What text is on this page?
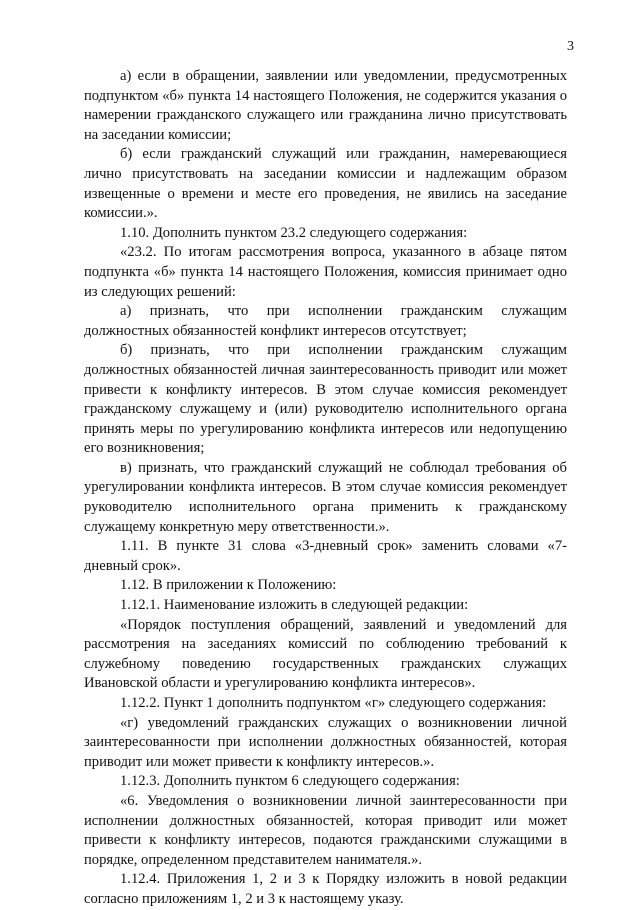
3

а) если в обращении, заявлении или уведомлении, предусмотренных подпунктом «б» пункта 14 настоящего Положения, не содержится указания о намерении гражданского служащего или гражданина лично присутствовать на заседании комиссии;

б) если гражданский служащий или гражданин, намеревающиеся лично присутствовать на заседании комиссии и надлежащим образом извещенные о времени и месте его проведения, не явились на заседание комиссии.».

1.10. Дополнить пунктом 23.2 следующего содержания:

«23.2. По итогам рассмотрения вопроса, указанного в абзаце пятом подпункта «б» пункта 14 настоящего Положения, комиссия принимает одно из следующих решений:

а) признать, что при исполнении гражданским служащим должностных обязанностей конфликт интересов отсутствует;

б) признать, что при исполнении гражданским служащим должностных обязанностей личная заинтересованность приводит или может привести к конфликту интересов. В этом случае комиссия рекомендует гражданскому служащему и (или) руководителю исполнительного органа принять меры по урегулированию конфликта интересов или недопущению его возникновения;

в) признать, что гражданский служащий не соблюдал требования об урегулировании конфликта интересов. В этом случае комиссия рекомендует руководителю исполнительного органа применить к гражданскому служащему конкретную меру ответственности.».

1.11. В пункте 31 слова «3-дневный срок» заменить словами «7-дневный срок».

1.12. В приложении к Положению:

1.12.1. Наименование изложить в следующей редакции:

«Порядок поступления обращений, заявлений и уведомлений для рассмотрения на заседаниях комиссий по соблюдению требований к служебному поведению государственных гражданских служащих Ивановской области и урегулированию конфликта интересов».

1.12.2. Пункт 1 дополнить подпунктом «г» следующего содержания:

«г) уведомлений гражданских служащих о возникновении личной заинтересованности при исполнении должностных обязанностей, которая приводит или может привести к конфликту интересов.».

1.12.3. Дополнить пунктом 6 следующего содержания:

«6. Уведомления о возникновении личной заинтересованности при исполнении должностных обязанностей, которая приводит или может привести к конфликту интересов, подаются гражданскими служащими в порядке, определенном представителем нанимателя.».

1.12.4. Приложения 1, 2 и 3 к Порядку изложить в новой редакции согласно приложениям 1, 2 и 3 к настоящему указу.
